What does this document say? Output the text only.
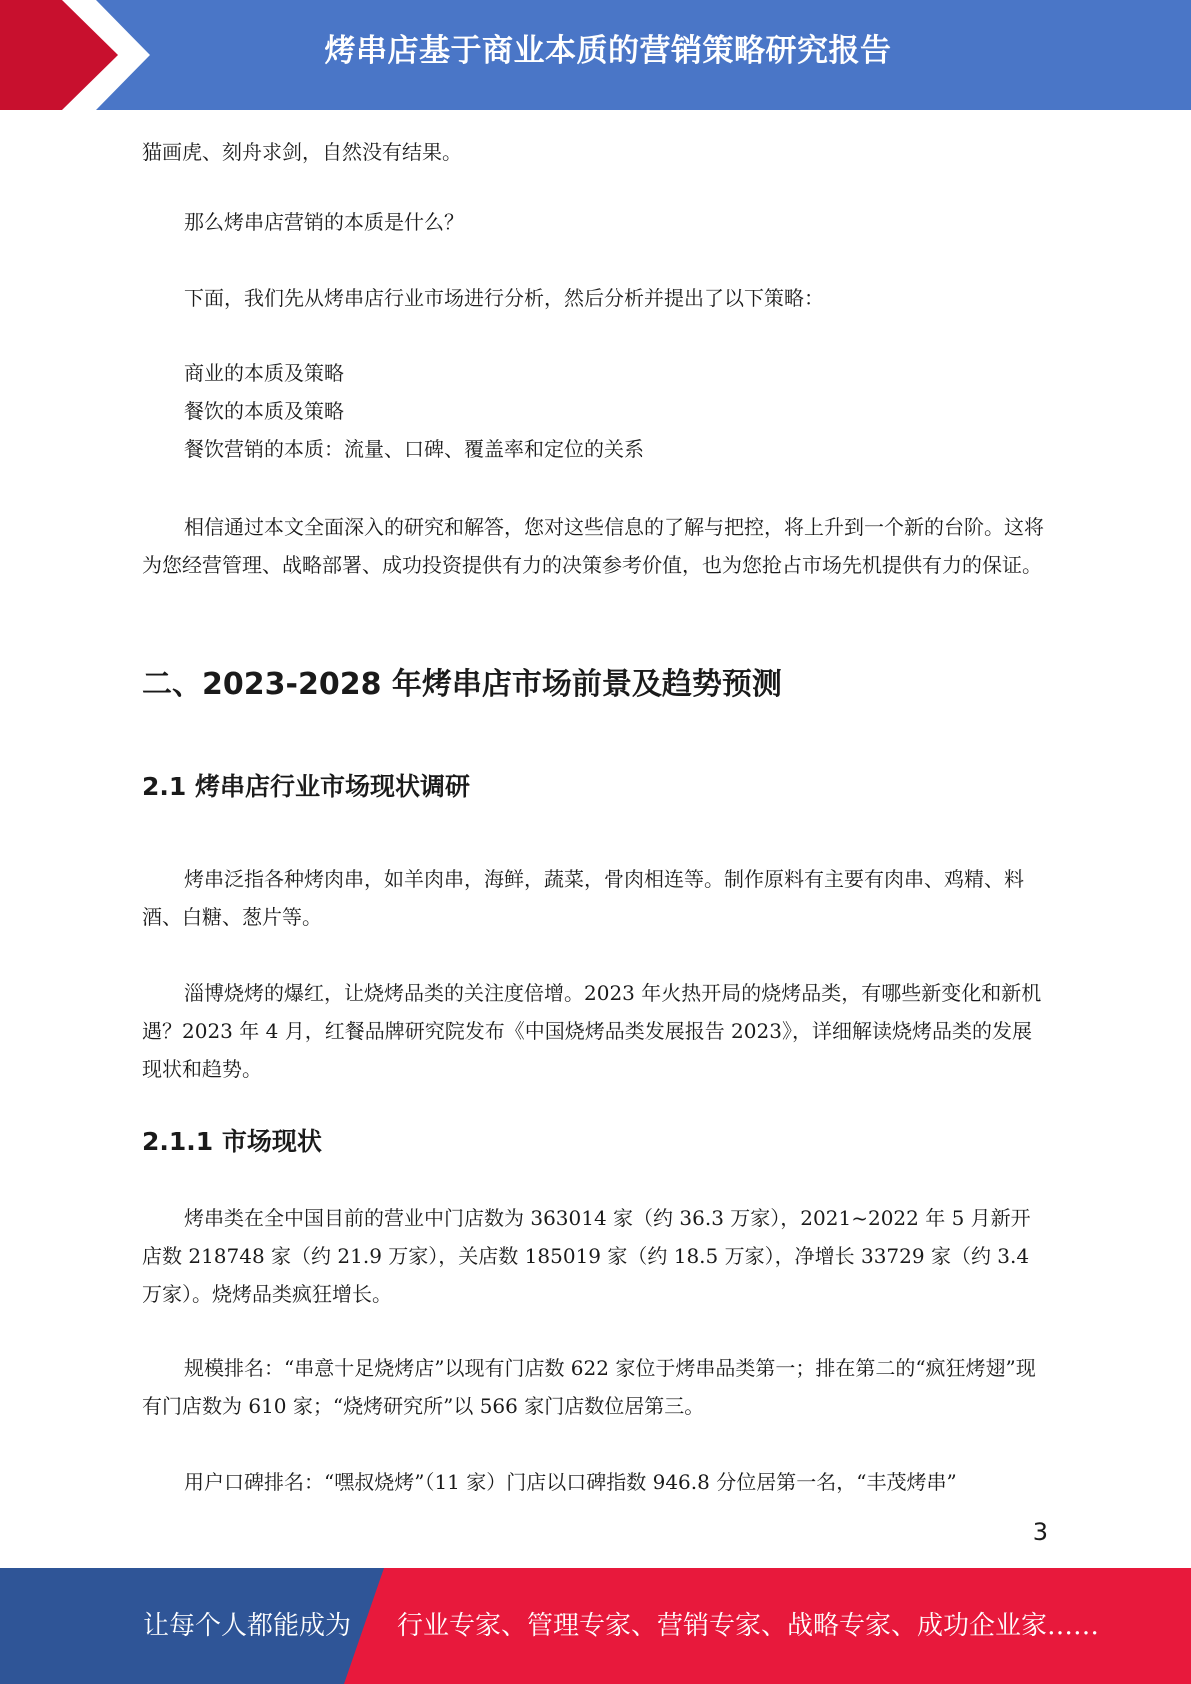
烤串店基于商业本质的营销策略研究报告

猫画虎、刻舟求剑，自然没有结果。

那么烤串店营销的本质是什么？

下面，我们先从烤串店行业市场进行分析，然后分析并提出了以下策略：

商业的本质及策略

餐饮的本质及策略

餐饮营销的本质：流量、口碑、覆盖率和定位的关系

相信通过本文全面深入的研究和解答，您对这些信息的了解与把控，将上升到一个新的台阶。这将为您经营管理、战略部署、成功投资提供有力的决策参考价值，也为您抢占市场先机提供有力的保证。

二、2023-2028 年烤串店市场前景及趋势预测
2.1 烤串店行业市场现状调研

烤串泛指各种烤肉串，如羊肉串，海鲜，蔬菜，骨肉相连等。制作原料有主要有肉串、鸡精、料酒、白糖、葱片等。

淄博烧烤的爆红，让烧烤品类的关注度倍增。2023 年火热开局的烧烤品类，有哪些新变化和新机遇？2023 年 4 月，红餐品牌研究院发布《中国烧烤品类发展报告 2023》，详细解读烧烤品类的发展现状和趋势。

2.1.1 市场现状

烤串类在全中国目前的营业中门店数为 363014 家（约 36.3 万家），2021~2022 年 5 月新开店数 218748 家（约 21.9 万家），关店数 185019 家（约 18.5 万家），净增长 33729 家（约 3.4 万家）。烧烤品类疯狂增长。

规模排名：“串意十足烧烤店”以现有门店数 622 家位于烤串品类第一；排在第二的“疯狂烤翅”现有门店数为 610 家；“烧烤研究所”以 566 家门店数位居第三。

用户口碑排名：“嘿叔烧烤”（11 家）门店以口碑指数 946.8 分位居第一名，“丰茂烤串”

3
让每个人都能成为 行业专家、管理专家、营销专家、战略专家、成功企业家……
